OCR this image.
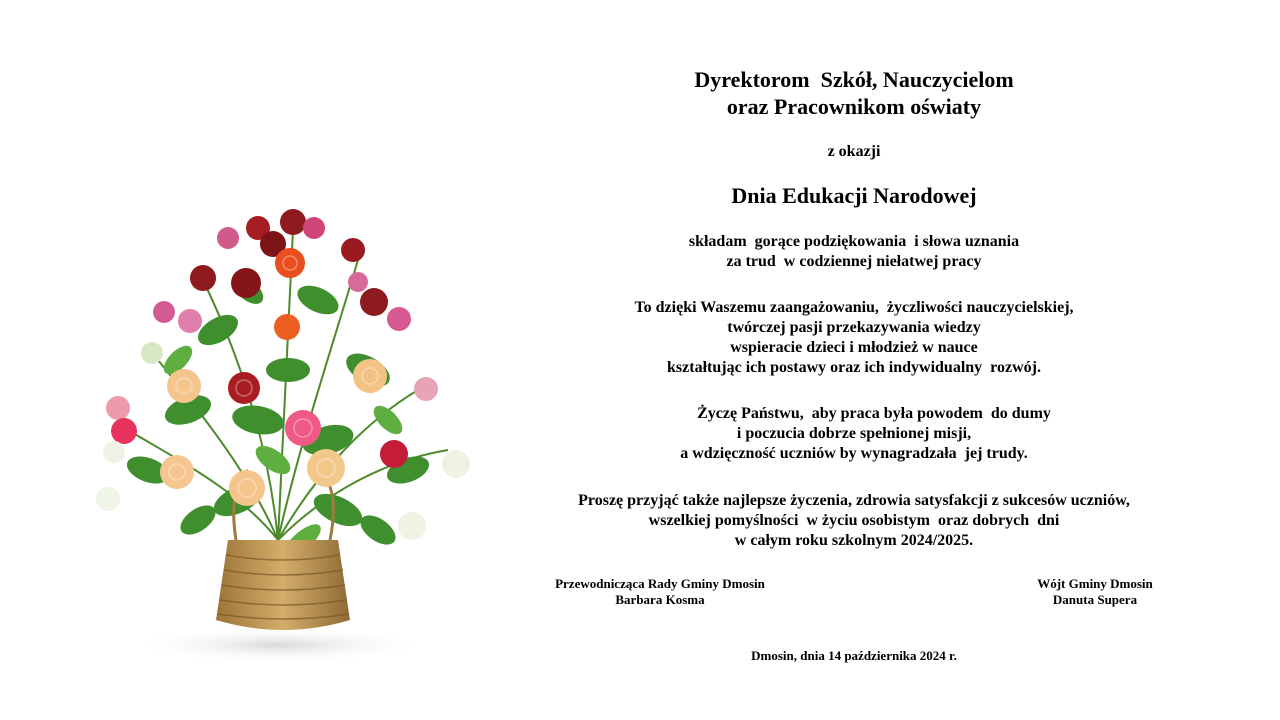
Dyrektorom  Szkół, Nauczycielom
oraz Pracownikom oświaty
z okazji
Dnia Edukacji Narodowej
składam  gorące podziękowania  i słowa uznania
za trud  w codziennej niełatwej pracy
To dzięki Waszemu zaangażowaniu,  życzliwości nauczycielskiej,
twórczej pasji przekazywania wiedzy
wspieracie dzieci i młodzież w nauce
kształtując ich postawy oraz ich indywidualny  rozwój.
Życzę Państwu,  aby praca była powodem  do dumy
i poczucia dobrze spełnionej misji,
a wdzięczność uczniów by wynagradzała  jej trudy.
Proszę przyjąć także najlepsze życzenia, zdrowia satysfakcji z sukcesów uczniów,
wszelkiej pomyślności  w życiu osobistym  oraz dobrych  dni
w całym roku szkolnym 2024/2025.
Przewodnicząca Rady Gminy Dmosin
Barbara Kosma
Wójt Gminy Dmosin
Danuta Supera
Dmosin, dnia 14 października 2024 r.
